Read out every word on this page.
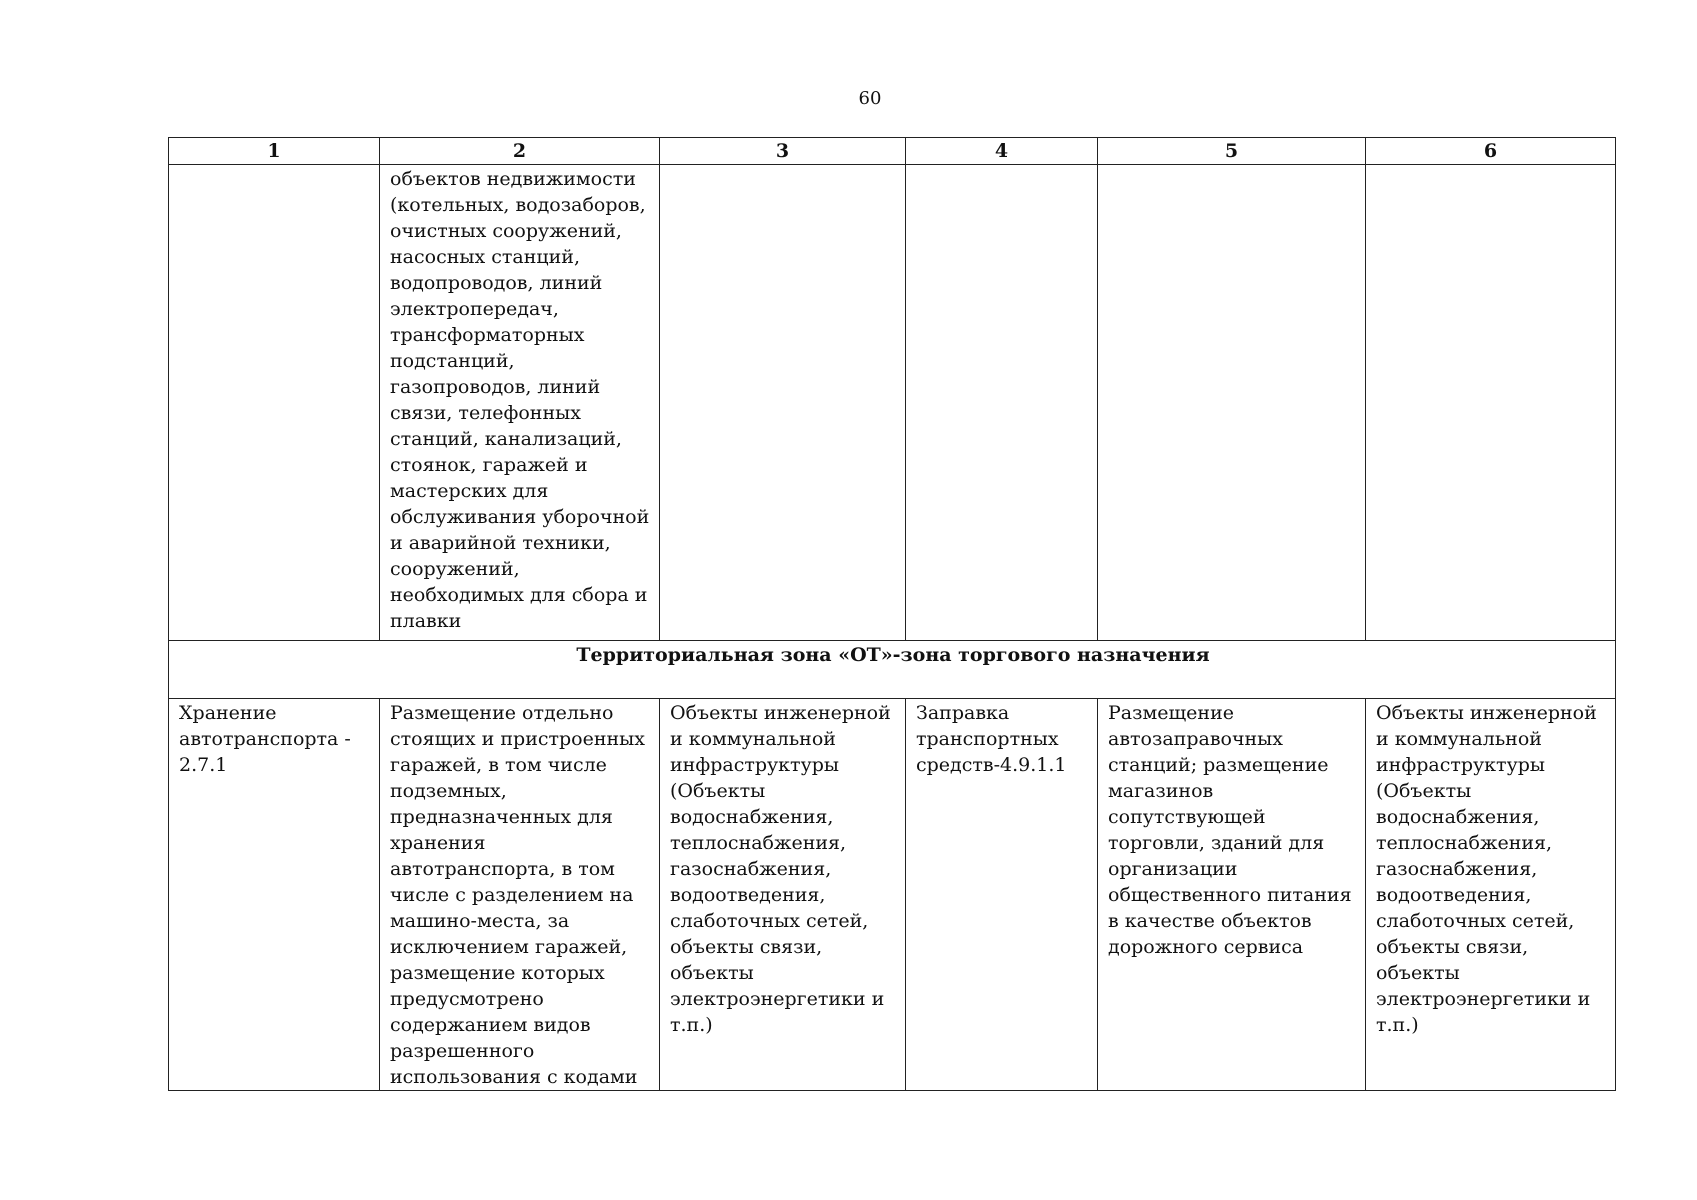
60
1	2	3	4	5	6
	объектов недвижимости (котельных, водозаборов, очистных сооружений, насосных станций, водопроводов, линий электропередач, трансформаторных подстанций, газопроводов, линий связи, телефонных станций, канализаций, стоянок, гаражей и мастерских для обслуживания уборочной и аварийной техники, сооружений, необходимых для сбора и плавки				
Территориальная зона «ОТ»-зона торгового назначения					
Хранение автотранспорта - 2.7.1	Размещение отдельно стоящих и пристроенных гаражей, в том числе подземных, предназначенных для хранения автотранспорта, в том числе с разделением на машино-места, за исключением гаражей, размещение которых предусмотрено содержанием видов разрешенного использования с кодами	Объекты инженерной и коммунальной инфраструктуры (Объекты водоснабжения, теплоснабжения, газоснабжения, водоотведения, слаботочных сетей, объекты связи, объекты электроэнергетики и т.п.)	Заправка транспортных средств-4.9.1.1	Размещение автозаправочных станций; размещение магазинов сопутствующей торговли, зданий для организации общественного питания в качестве объектов дорожного сервиса	Объекты инженерной и коммунальной инфраструктуры (Объекты водоснабжения, теплоснабжения, газоснабжения, водоотведения, слаботочных сетей, объекты связи, объекты электроэнергетики и т.п.)
